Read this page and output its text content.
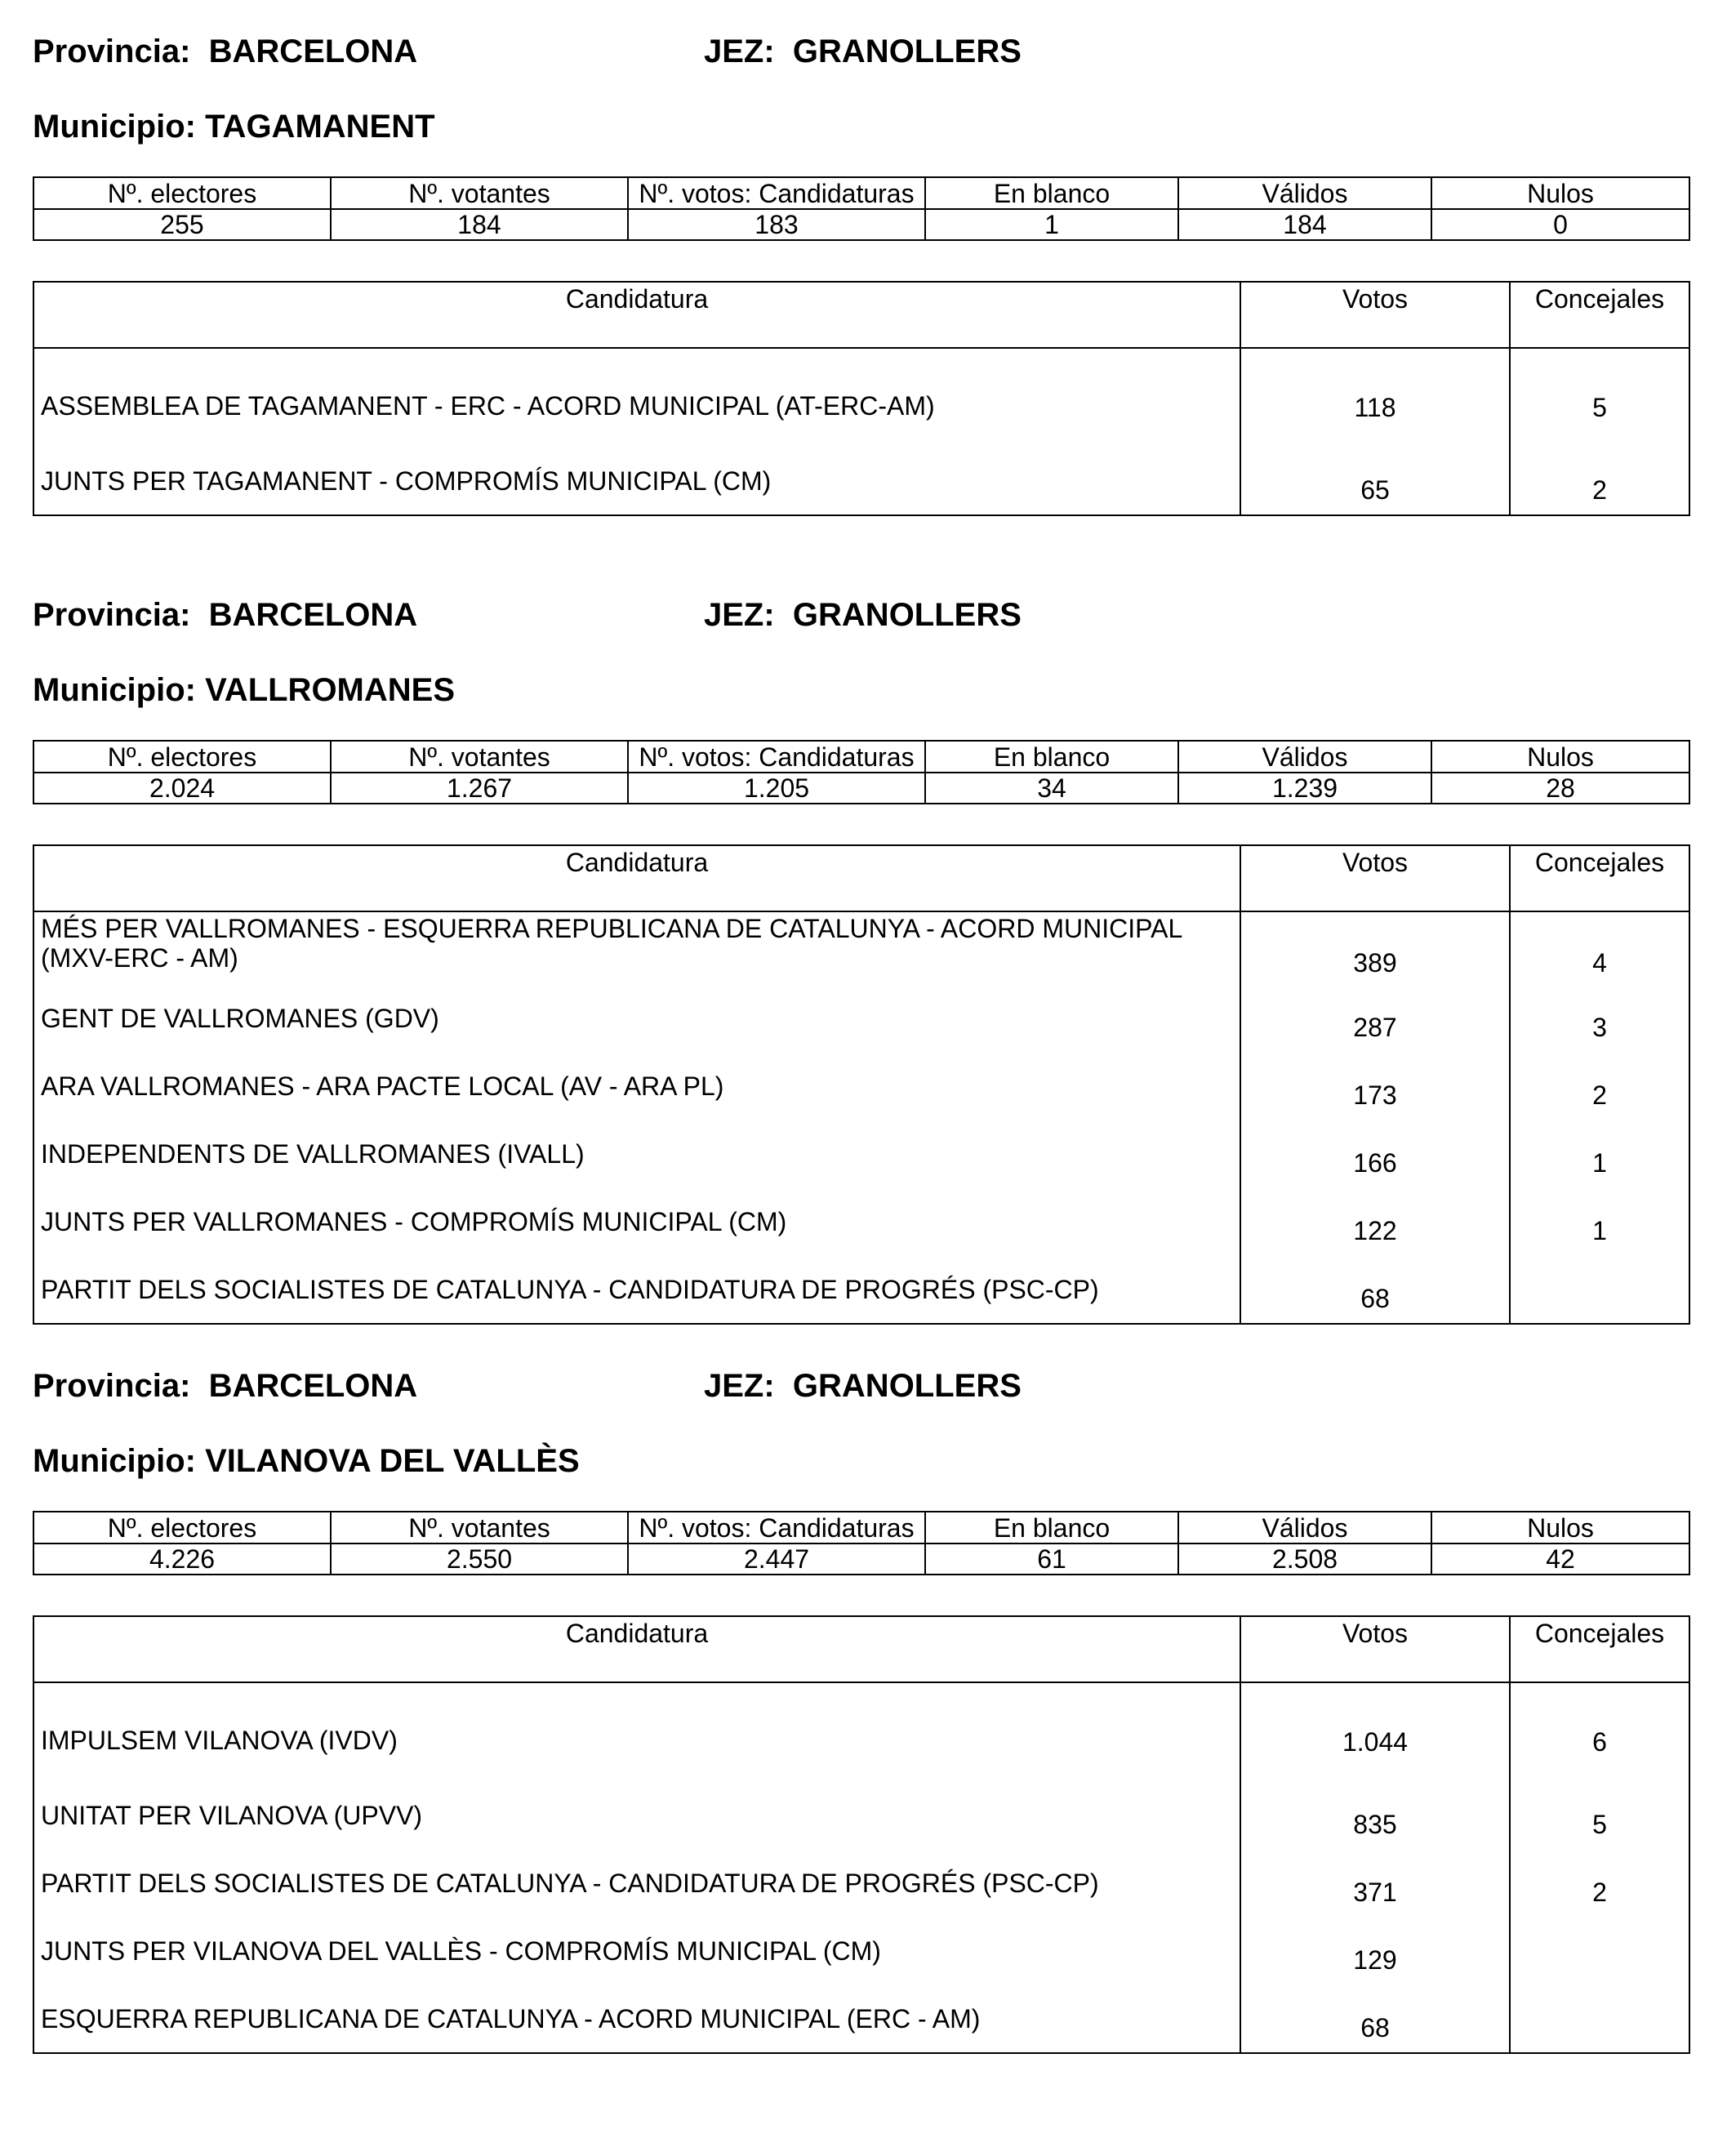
Provincia: BARCELONA	JEZ: GRANOLLERS
Municipio: TAGAMANENT
Nº. electores	Nº. votantes	Nº. votos: Candidaturas	En blanco	Válidos	Nulos
255	184	183	1	184	0
Candidatura	Votos	Concejales
ASSEMBLEA DE TAGAMANENT - ERC - ACORD MUNICIPAL (AT-ERC-AM)	118	5
JUNTS PER TAGAMANENT - COMPROMÍS MUNICIPAL (CM)	65	2
Provincia: BARCELONA	JEZ: GRANOLLERS
Municipio: VALLROMANES
Nº. electores	Nº. votantes	Nº. votos: Candidaturas	En blanco	Válidos	Nulos
2.024	1.267	1.205	34	1.239	28
Candidatura	Votos	Concejales
MÉS PER VALLROMANES - ESQUERRA REPUBLICANA DE CATALUNYA - ACORD MUNICIPAL (MXV-ERC - AM)	389	4
GENT DE VALLROMANES (GDV)	287	3
ARA VALLROMANES - ARA PACTE LOCAL (AV - ARA PL)	173	2
INDEPENDENTS DE VALLROMANES (IVALL)	166	1
JUNTS PER VALLROMANES - COMPROMÍS MUNICIPAL (CM)	122	1
PARTIT DELS SOCIALISTES DE CATALUNYA - CANDIDATURA DE PROGRÉS (PSC-CP)	68	
Provincia: BARCELONA	JEZ: GRANOLLERS
Municipio: VILANOVA DEL VALLÈS
Nº. electores	Nº. votantes	Nº. votos: Candidaturas	En blanco	Válidos	Nulos
4.226	2.550	2.447	61	2.508	42
Candidatura	Votos	Concejales
IMPULSEM VILANOVA (IVDV)	1.044	6
UNITAT PER VILANOVA (UPVV)	835	5
PARTIT DELS SOCIALISTES DE CATALUNYA - CANDIDATURA DE PROGRÉS (PSC-CP)	371	2
JUNTS PER VILANOVA DEL VALLÈS - COMPROMÍS MUNICIPAL (CM)	129	
ESQUERRA REPUBLICANA DE CATALUNYA - ACORD MUNICIPAL (ERC - AM)	68	
